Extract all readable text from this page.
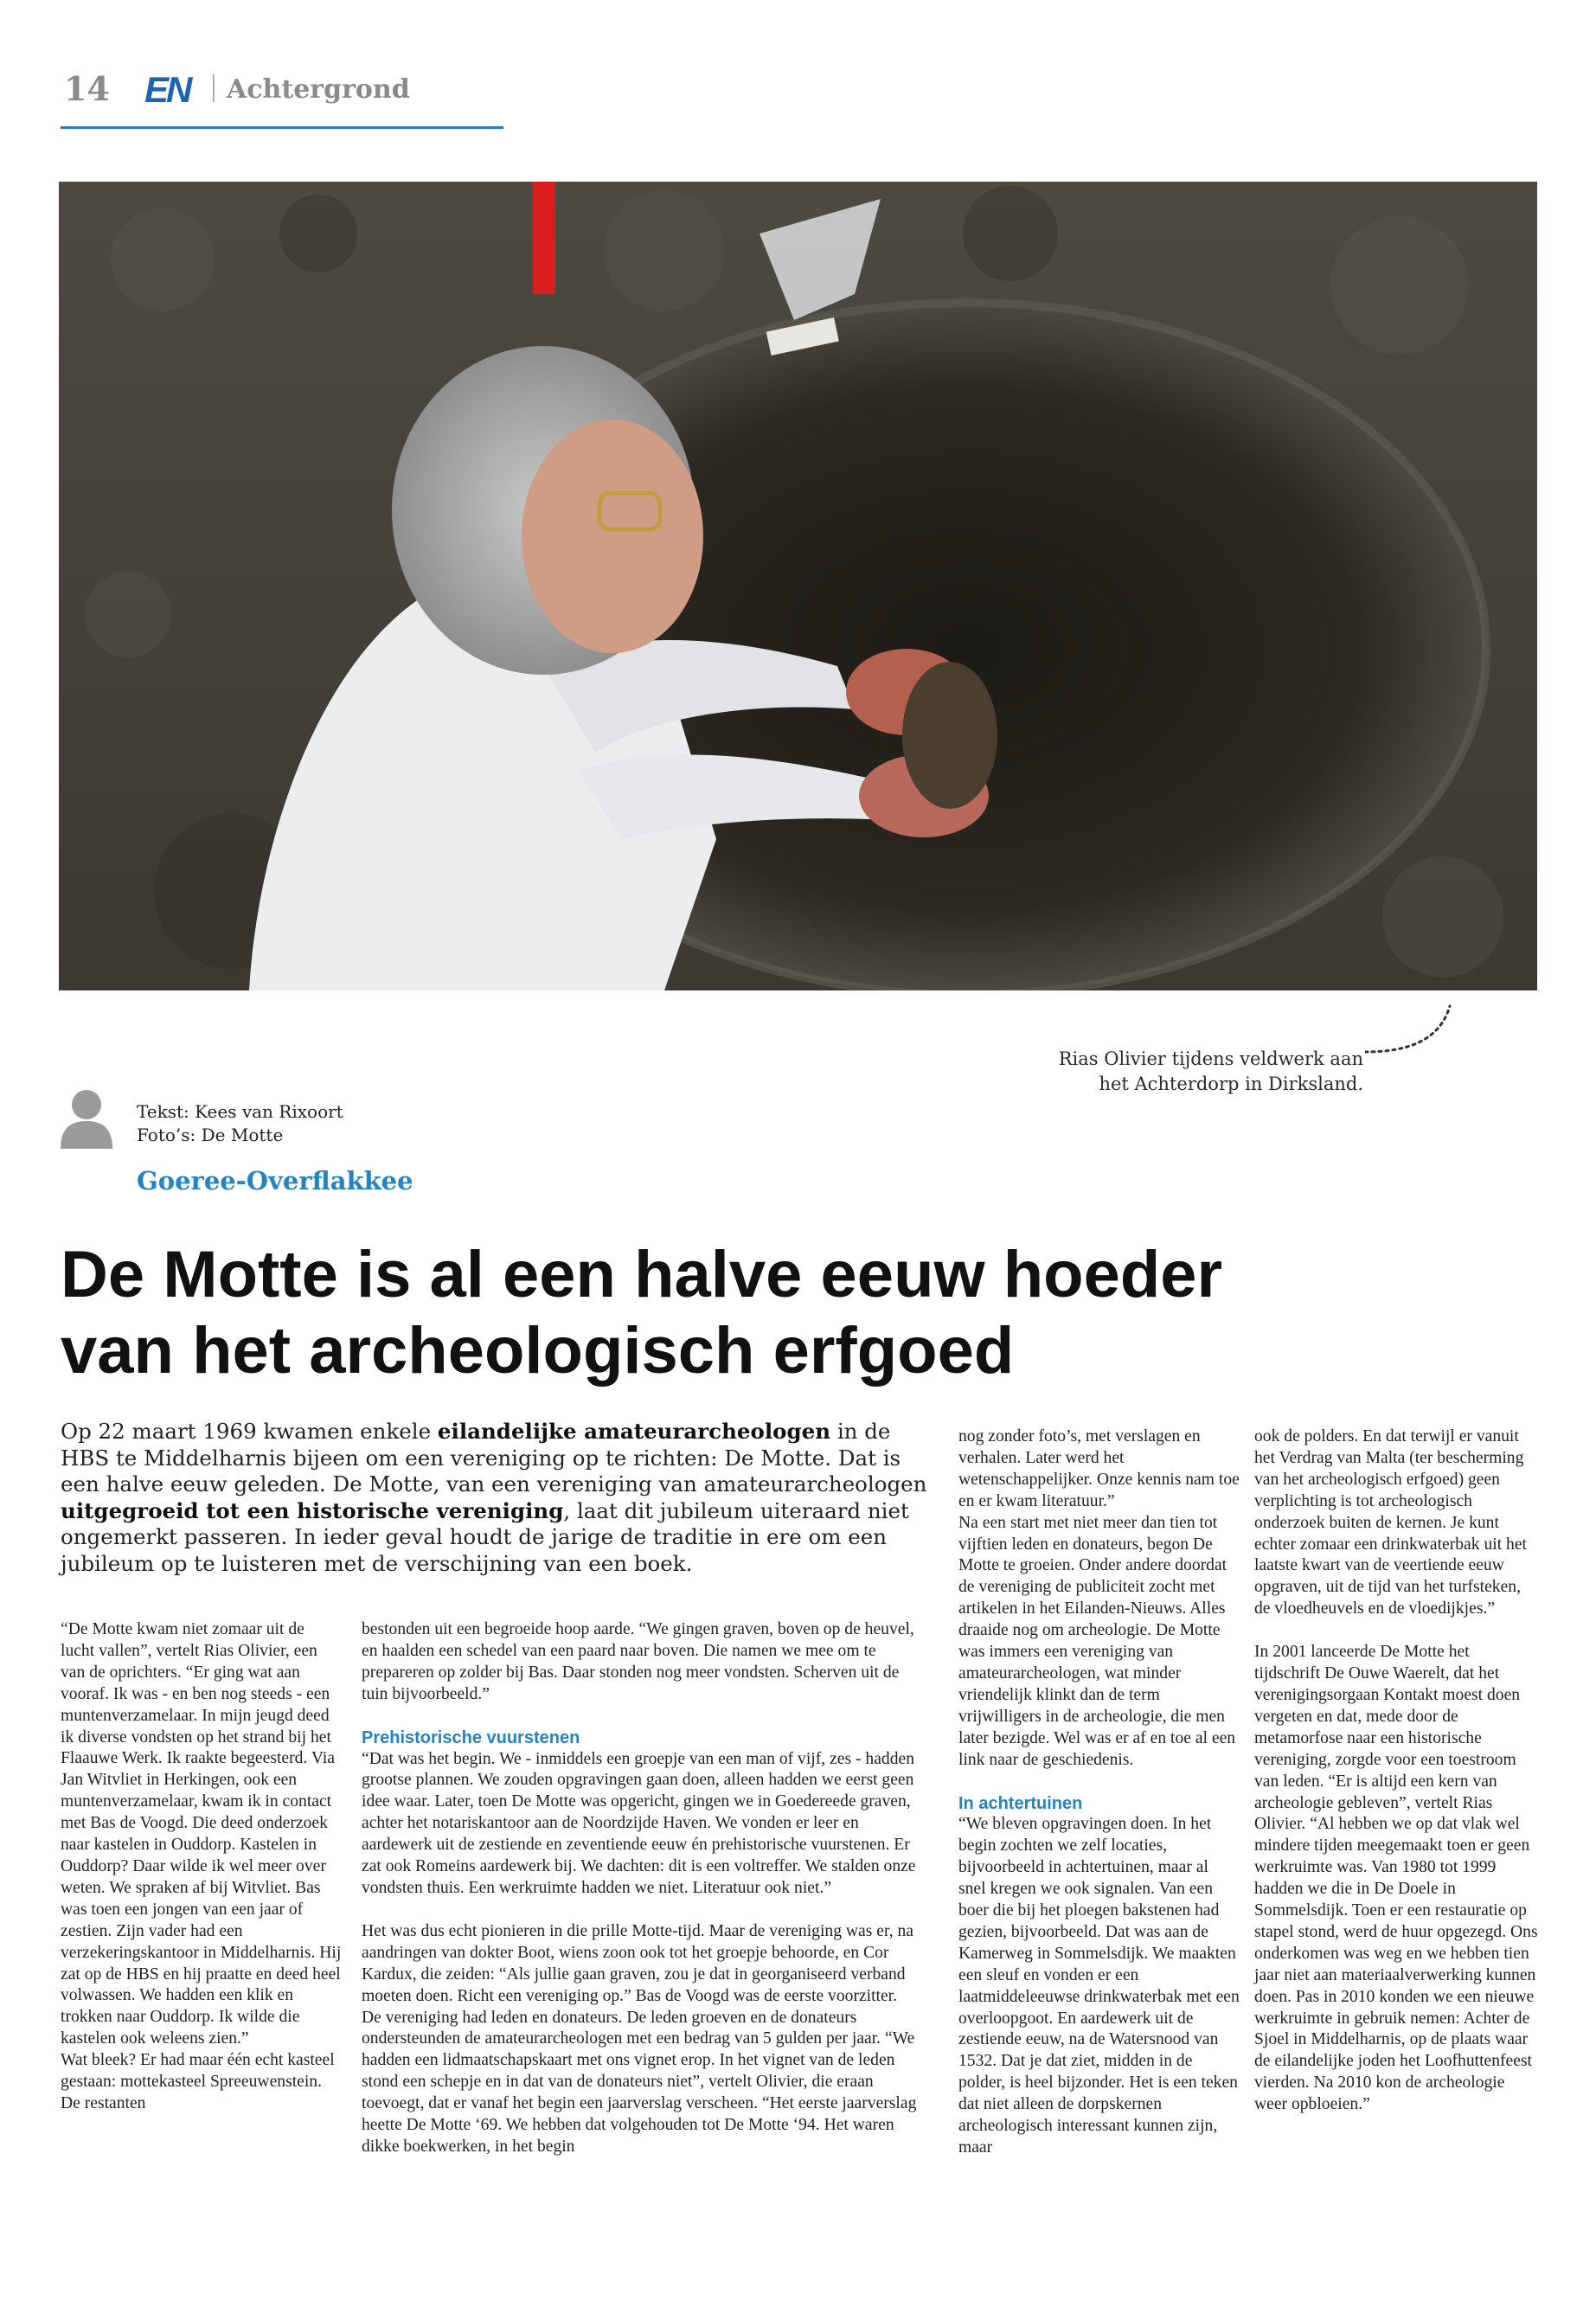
14 EN Achtergrond
Rias Olivier tijdens veldwerk aan
het Achterdorp in Dirksland.
Tekst: Kees van Rixoort
Foto’s: De Motte
Goeree-Overflakkee
De Motte is al een halve eeuw hoeder
van het archeologisch erfgoed

Op 22 maart 1969 kwamen enkele eilandelijke amateurarcheologen in de HBS te Middelharnis bijeen om een vereniging op te richten: De Motte. Dat is een halve eeuw geleden. De Motte, van een vereniging van amateurarcheologen uitgegroeid tot een historische vereniging, laat dit jubileum uiteraard niet ongemerkt passeren. In ieder geval houdt de jarige de traditie in ere om een jubileum op te luisteren met de verschijning van een boek.

“De Motte kwam niet zomaar uit de lucht vallen”, vertelt Rias Olivier, een van de oprichters. “Er ging wat aan vooraf. Ik was - en ben nog steeds - een muntenverzamelaar. In mijn jeugd deed ik diverse vondsten op het strand bij het Flaauwe Werk. Ik raakte begeesterd. Via Jan Witvliet in Herkingen, ook een muntenverzamelaar, kwam ik in contact met Bas de Voogd. Die deed onderzoek naar kastelen in Ouddorp. Kastelen in Ouddorp? Daar wilde ik wel meer over weten. We spraken af bij Witvliet. Bas was toen een jongen van een jaar of zestien. Zijn vader had een verzekeringskantoor in Middelharnis. Hij zat op de HBS en hij praatte en deed heel volwassen. We hadden een klik en trokken naar Ouddorp. Ik wilde die kastelen ook weleens zien.”

Wat bleek? Er had maar één echt kasteel gestaan: mottekasteel Spreeuwenstein. De restanten

bestonden uit een begroeide hoop aarde. “We gingen graven, boven op de heuvel, en haalden een schedel van een paard naar boven. Die namen we mee om te prepareren op zolder bij Bas. Daar stonden nog meer vondsten. Scherven uit de tuin bijvoorbeeld.”

Prehistorische vuurstenen

“Dat was het begin. We - inmiddels een groepje van een man of vijf, zes - hadden grootse plannen. We zouden opgravingen gaan doen, alleen hadden we eerst geen idee waar. Later, toen De Motte was opgericht, gingen we in Goedereede graven, achter het notariskantoor aan de Noordzijde Haven. We vonden er leer en aardewerk uit de zestiende en zeventiende eeuw én prehistorische vuurstenen. Er zat ook Romeins aardewerk bij. We dachten: dit is een voltreffer. We stalden onze vondsten thuis. Een werkruimte hadden we niet. Literatuur ook niet.”

Het was dus echt pionieren in die prille Motte-tijd. Maar de vereniging was er, na aandringen van dokter Boot, wiens zoon ook tot het groepje behoorde, en Cor Kardux, die zeiden: “Als jullie gaan graven, zou je dat in georganiseerd verband moeten doen. Richt een vereniging op.” Bas de Voogd was de eerste voorzitter.

De vereniging had leden en donateurs. De leden groeven en de donateurs ondersteunden de amateurarcheologen met een bedrag van 5 gulden per jaar. “We hadden een lidmaatschapskaart met ons vignet erop. In het vignet van de leden stond een schepje en in dat van de donateurs niet”, vertelt Olivier, die eraan toevoegt, dat er vanaf het begin een jaarverslag verscheen. “Het eerste jaarverslag heette De Motte ‘69. We hebben dat volgehouden tot De Motte ‘94. Het waren dikke boekwerken, in het begin

nog zonder foto’s, met verslagen en verhalen. Later werd het wetenschappelijker. Onze kennis nam toe en er kwam literatuur.”

Na een start met niet meer dan tien tot vijftien leden en donateurs, begon De Motte te groeien. Onder andere doordat de vereniging de publiciteit zocht met artikelen in het Eilanden-Nieuws. Alles draaide nog om archeologie. De Motte was immers een vereniging van amateurarcheologen, wat minder vriendelijk klinkt dan de term vrijwilligers in de archeologie, die men later bezigde. Wel was er af en toe al een link naar de geschiedenis.

In achtertuinen

“We bleven opgravingen doen. In het begin zochten we zelf locaties, bijvoorbeeld in achtertuinen, maar al snel kregen we ook signalen. Van een boer die bij het ploegen bakstenen had gezien, bijvoorbeeld. Dat was aan de Kamerweg in Sommelsdijk. We maakten een sleuf en vonden er een laatmiddeleeuwse drinkwaterbak met een overloopgoot. En aardewerk uit de zestiende eeuw, na de Watersnood van 1532. Dat je dat ziet, midden in de polder, is heel bijzonder. Het is een teken dat niet alleen de dorpskernen archeologisch interessant kunnen zijn, maar

ook de polders. En dat terwijl er vanuit het Verdrag van Malta (ter bescherming van het archeologisch erfgoed) geen verplichting is tot archeologisch onderzoek buiten de kernen. Je kunt echter zomaar een drinkwaterbak uit het laatste kwart van de veertiende eeuw opgraven, uit de tijd van het turfsteken, de vloedheuvels en de vloedijkjes.”

In 2001 lanceerde De Motte het tijdschrift De Ouwe Waerelt, dat het verenigingsorgaan Kontakt moest doen vergeten en dat, mede door de metamorfose naar een historische vereniging, zorgde voor een toestroom van leden. “Er is altijd een kern van archeologie gebleven”, vertelt Rias Olivier. “Al hebben we op dat vlak wel mindere tijden meegemaakt toen er geen werkruimte was. Van 1980 tot 1999 hadden we die in De Doele in Sommelsdijk. Toen er een restauratie op stapel stond, werd de huur opgezegd. Ons onderkomen was weg en we hebben tien jaar niet aan materiaalverwerking kunnen doen. Pas in 2010 konden we een nieuwe werkruimte in gebruik nemen: Achter de Sjoel in Middelharnis, op de plaats waar de eilandelijke joden het Loofhuttenfeest vierden. Na 2010 kon de archeologie weer opbloeien.”
